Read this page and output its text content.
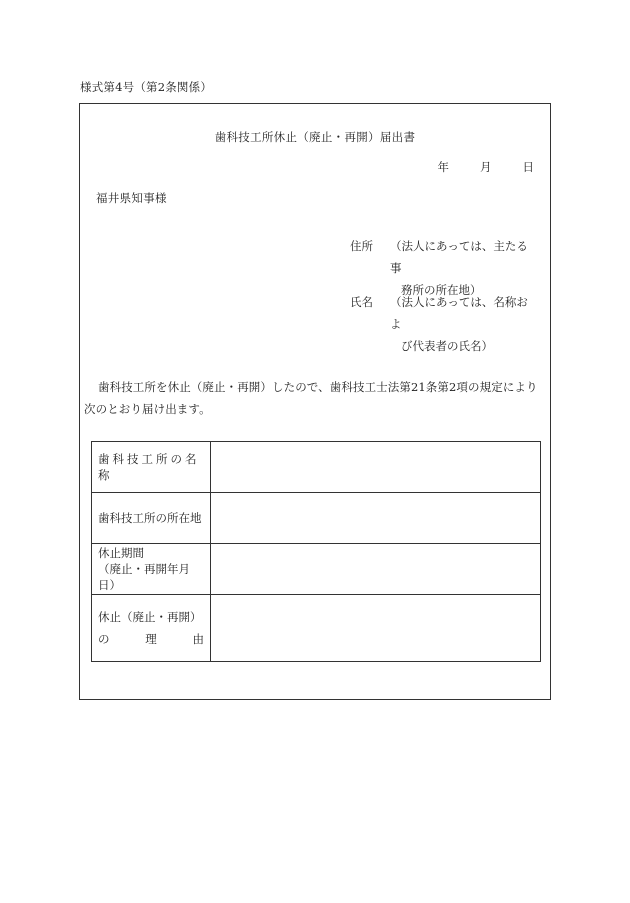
様式第4号（第2条関係）
歯科技工所休止（廃止・再開）届出書
年	月	日
福井県知事様
住所 （法人にあっては、主たる事
務所の所在地）
氏名 （法人にあっては、名称およ
び代表者の氏名）
歯科技工所を休止（廃止・再開）したので、歯科技工士法第21条第2項の規定により次のとおり届け出ます。
歯科技工所の名称	
歯科技工所の所在地	

休止期間
（廃止・再開年月日）	

休止（廃止・再開）
の 理 由	
